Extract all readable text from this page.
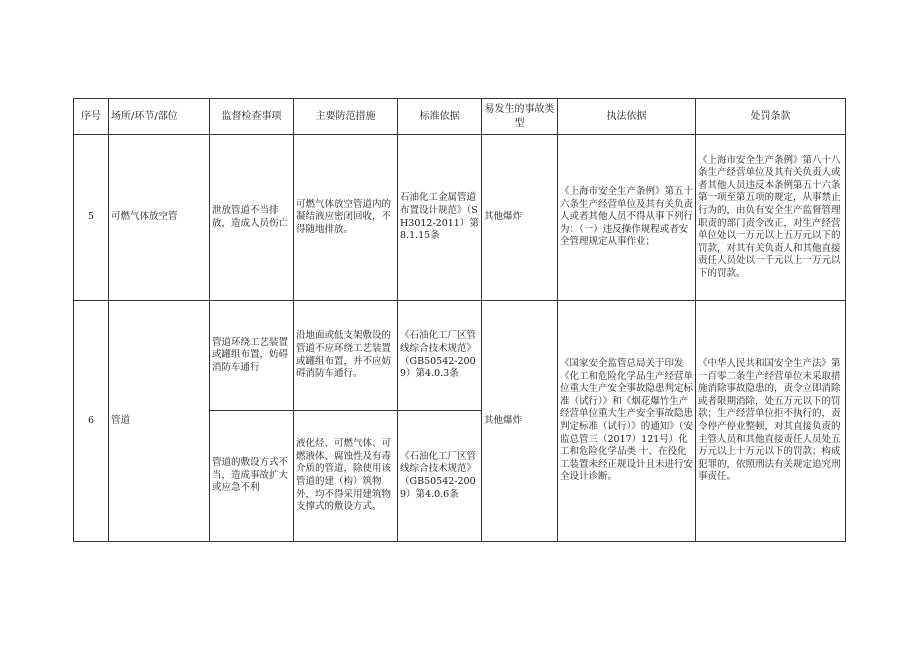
序号	场所/环节/部位	监督检查事项	主要防范措施	标准依据	易发生的事故类型	执法依据	处罚条款
5	可燃气体放空管	泄放管道不当排放，造成人员伤亡	可燃气体放空管道内的凝结液应密闭回收，不得随地排放。	石油化工金属管道布置设计规范》（SH3012-2011）第8.1.15条	其他爆炸	《上海市安全生产条例》第五十六条生产经营单位及其有关负责人或者其他人员不得从事下列行为：（一）违反操作规程或者安全管理规定从事作业；	《上海市安全生产条例》第八十八条生产经营单位及其有关负责人或者其他人员违反本条例第五十六条第一项至第五项的规定，从事禁止行为的，由负有安全生产监督管理职责的部门责令改正，对生产经营单位处以一万元以上五万元以下的罚款，对其有关负责人和其他直接责任人员处以一千元以上一万元以下的罚款。
6	管道	管道环绕工艺装置或罐组布置，妨碍消防车通行	沿地面或低支架敷设的管道不应环绕工艺装置或罐组布置，并不应妨碍消防车通行。	《石油化工厂区管线综合技术规范》（GB50542-2009）第4.0.3条	其他爆炸	《国家安全监管总局关于印发《化工和危险化学品生产经营单位重大生产安全事故隐患判定标准（试行）》和《烟花爆竹生产经营单位重大生产安全事故隐患判定标准（试行）》的通知》（安监总管三（2017）121号）化工和危险化学品类 十、在役化工装置未经正规设计且未进行安全设计诊断。	《中华人民共和国安全生产法》第一百零二条生产经营单位未采取措施消除事故隐患的，责令立即消除或者限期消除，处五万元以下的罚款；生产经营单位拒不执行的，责令停产停业整顿，对其直接负责的主管人员和其他直接责任人员处五万元以上十万元以下的罚款；构成犯罪的，依照刑法有关规定追究刑事责任。
		管道的敷设方式不当，造成事故扩大或应急不利	液化烃、可燃气体、可燃液体、腐蚀性及有毒介质的管道，除使用该管道的建（构）筑物外，均不得采用建筑物支撑式的敷设方式。	《石油化工厂区管线综合技术规范》（GB50542-2009）第4.0.6条			
